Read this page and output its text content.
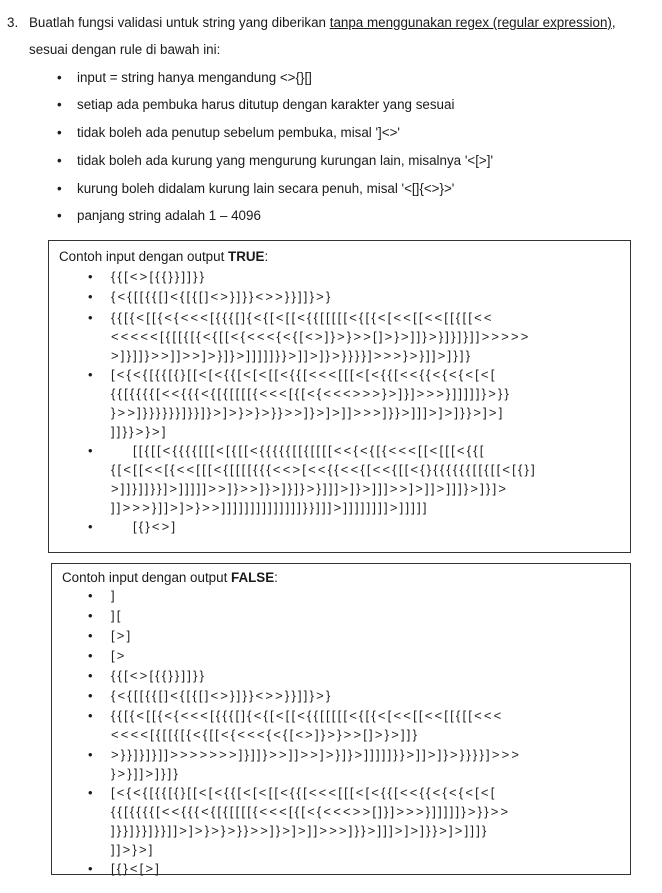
3. Buatlah fungsi validasi untuk string yang diberikan tanpa menggunakan regex (regular expression),
sesuai dengan rule di bawah ini:
• input = string hanya mengandung <>{}[]
• setiap ada pembuka harus ditutup dengan karakter yang sesuai
• tidak boleh ada penutup sebelum pembuka, misal ']<>'
• tidak boleh ada kurung yang mengurung kurungan lain, misalnya '<[>]'
• kurung boleh didalam kurung lain secara penuh, misal '<[]{<>}>'
• panjang string adalah 1 – 4096
Contoh input dengan output TRUE:
• {{[<>[{{}}]]}}
• {<{[[{{[]<{[{[]<>}]}}<>>}}]]}>}
• {{[{<[[{<{<<<[{{{[]{<{[<[[<{{[[[[[<{[{<[<<[[<<[[{[[<<
<<<<<[{[[{[{<{[[<{<<<{<{[<>]}>}>>[]>}>]]}>}]}]}]]>>>>>
>]}]]}>>]]>>]>}]}>]]]]]}}>]]>]}>}}}}]>>>}>}]]>]}]}
• [<{<{[{{[{}[[<[<{{[<[<[[<{{[<<<[[[<[<{{[<<{{<{<{<[<[
{{[{{{{[<<{{{<{[{[[[[{<<<[{[<{<<<>>>}>]}]>>>}]]]]]}>}}
}>>]}}}}}}]}}]}>]>}>}>}}>>]}>]>]]>>>]}}>]]]>]>]}}>]>]
]]}}>}>]
•	[[{[[<{{{{[[[<[{[[<{{{{{[[{[[[[<<{<{[{<<<[[<[[[<{{[
{[<[[<<[{<<[[[<{[[[[{{{<<>[<<{{<<{[<<{[[<{}{{{{{{[[{[[<[{}]
>]]}]]}}]>]]]]]>>]}>>]}>]}]}>}]]]>]}>]]]>>]>]]>]]]}>]}]>
]]>>>}]]>]>}>>]]]]]]]]]]]]]]}}]]]>]]]]]]]]>]]]]]
•	[{}<>]
Contoh input dengan output FALSE:
• ]
• ][
• [>]
• [>
• {{[<>[{{}}]]}}
• {<{[[{{[]<{[{[]<>}]}}<>>}}]]}>}
• {{[{<[[{<{<<<[{{{[]{<{[<[[<{{[[[[[<{[{<[<<[[<<[[{[[<<<
<<<<[{[[{[{<{[[<{<<<{<{[<>]}>}>>[]>}>]]}
• >}}]}]}]]>>>>>>>]}]]}>>]]>>]>}]}>]]]]]}}>]]>]}>}}}}]>>>
}>}]]>]}]}
• [<{<{[{{[{}[[<[<{{[<[<[[<{{[<<<[[[<[<{{[<<{{<{<{<[<[
{{[{{{{[<<{{{<{[{[[[[{<<<[{[<{<<<>>[]}]>>>}]]]]]}>}}>>
]}}]}}]}}]]>]>}>}>}}>>]}>]>]]>>>]}}>]]]>]>]}}>]>]]]}
]]>}>]
• [{}<[>]
